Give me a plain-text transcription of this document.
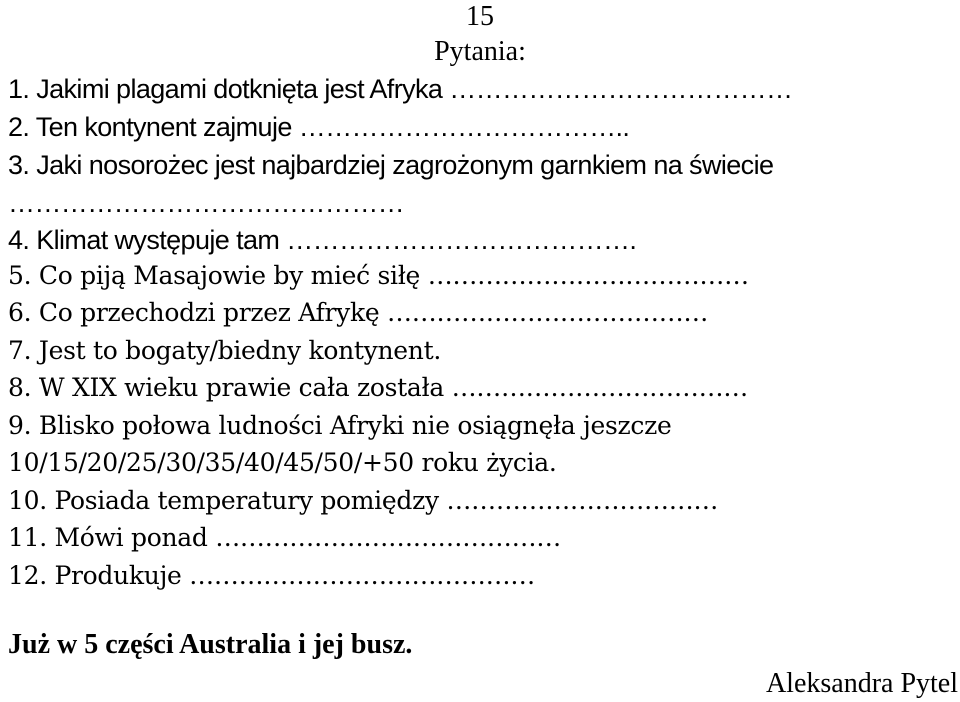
15
Pytania:
1. Jakimi plagami dotknięta jest Afryka …………………………………
2. Ten kontynent zajmuje ………………………………..
3. Jaki nosorożec jest najbardziej zagrożonym garnkiem na świecie
………………………………………
4. Klimat występuje tam ………………………………….
5. Co piją Masajowie by mieć siłę …………………………………
6. Co przechodzi przez Afrykę …………………………………
7. Jest to bogaty/biedny kontynent.
8. W XIX wieku prawie cała została ………………………………
9. Blisko połowa ludności Afryki nie osiągnęła jeszcze
10/15/20/25/30/35/40/45/50/+50 roku życia.
10. Posiada temperatury pomiędzy ……………………………
11. Mówi ponad ……………………………………
12. Produkuje ……………………………………
Już w 5 części Australia i jej busz.
Aleksandra Pytel
